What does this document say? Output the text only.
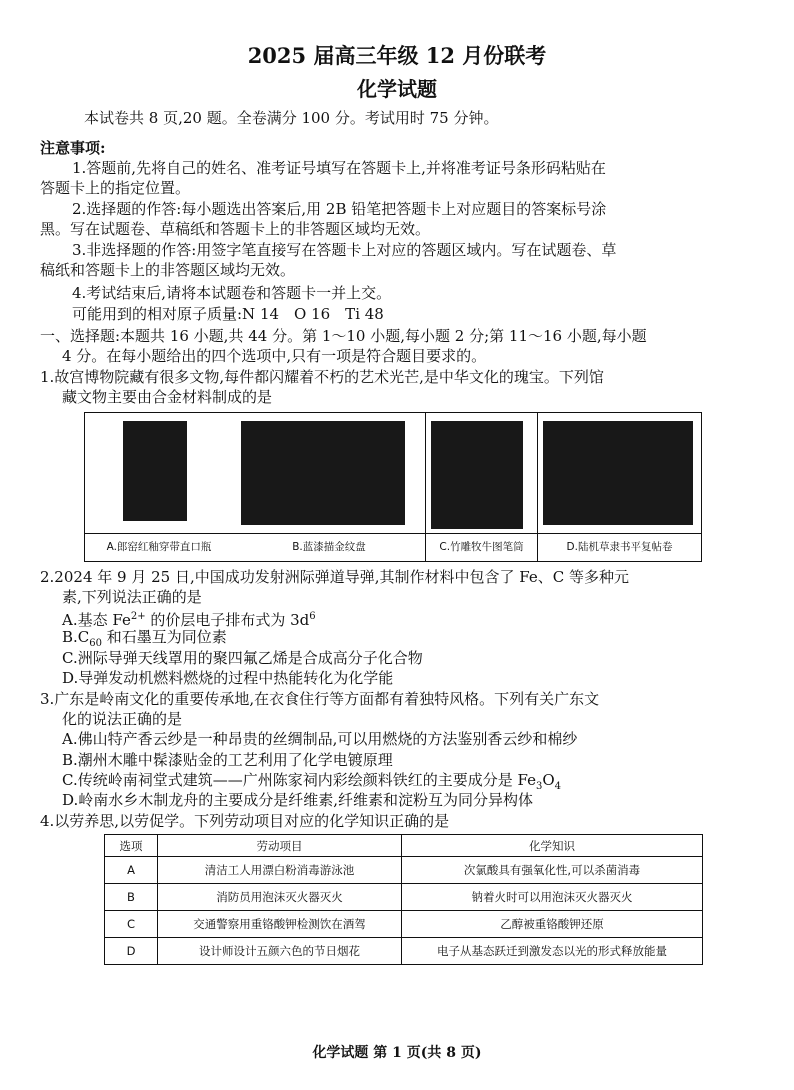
2025 届高三年级 12 月份联考
化学试题
本试卷共 8 页,20 题。全卷满分 100 分。考试用时 75 分钟。
注意事项:
1.答题前,先将自己的姓名、准考证号填写在答题卡上,并将准考证号条形码粘贴在
答题卡上的指定位置。
2.选择题的作答:每小题选出答案后,用 2B 铅笔把答题卡上对应题目的答案标号涂
黑。写在试题卷、草稿纸和答题卡上的非答题区域均无效。
3.非选择题的作答:用签字笔直接写在答题卡上对应的答题区域内。写在试题卷、草
稿纸和答题卡上的非答题区域均无效。
4.考试结束后,请将本试题卷和答题卡一并上交。
可能用到的相对原子质量:N 14　O 16　Ti 48
一、选择题:本题共 16 小题,共 44 分。第 1～10 小题,每小题 2 分;第 11～16 小题,每小题
4 分。在每小题给出的四个选项中,只有一项是符合题目要求的。
1.故宫博物院藏有很多文物,每件都闪耀着不朽的艺术光芒,是中华文化的瑰宝。下列馆
藏文物主要由合金材料制成的是
A.郎窑红釉穿带直口瓶	B.蓝漆描金纹盘	C.竹雕牧牛图笔筒	D.陆机草隶书平复帖卷
2.2024 年 9 月 25 日,中国成功发射洲际弹道导弹,其制作材料中包含了 Fe、C 等多种元
素,下列说法正确的是
A.基态 $Fe^{2+}$ 的价层电子排布式为 $3d^6$
$B.C_{60}$ 和石墨互为同位素
C.洲际导弹天线罩用的聚四氟乙烯是合成高分子化合物
D.导弹发动机燃料燃烧的过程中热能转化为化学能
3.广东是岭南文化的重要传承地,在衣食住行等方面都有着独特风格。下列有关广东文
化的说法正确的是
A.佛山特产香云纱是一种昂贵的丝绸制品,可以用燃烧的方法鉴别香云纱和棉纱
B.潮州木雕中髹漆贴金的工艺利用了化学电镀原理
C.传统岭南祠堂式建筑——广州陈家祠内彩绘颜料铁红的主要成分是 $Fe_3O_4$
D.岭南水乡木制龙舟的主要成分是纤维素,纤维素和淀粉互为同分异构体
4.以劳养思,以劳促学。下列劳动项目对应的化学知识正确的是
选项	劳动项目	化学知识
A	清洁工人用漂白粉消毒游泳池	次氯酸具有强氧化性,可以杀菌消毒
B	消防员用泡沫灭火器灭火	钠着火时可以用泡沫灭火器灭火
C	交通警察用重铬酸钾检测饮在酒驾	乙醇被重铬酸钾还原
D	设计师设计五颜六色的节日烟花	电子从基态跃迁到激发态以光的形式释放能量
化学试题 第 1 页(共 8 页)
